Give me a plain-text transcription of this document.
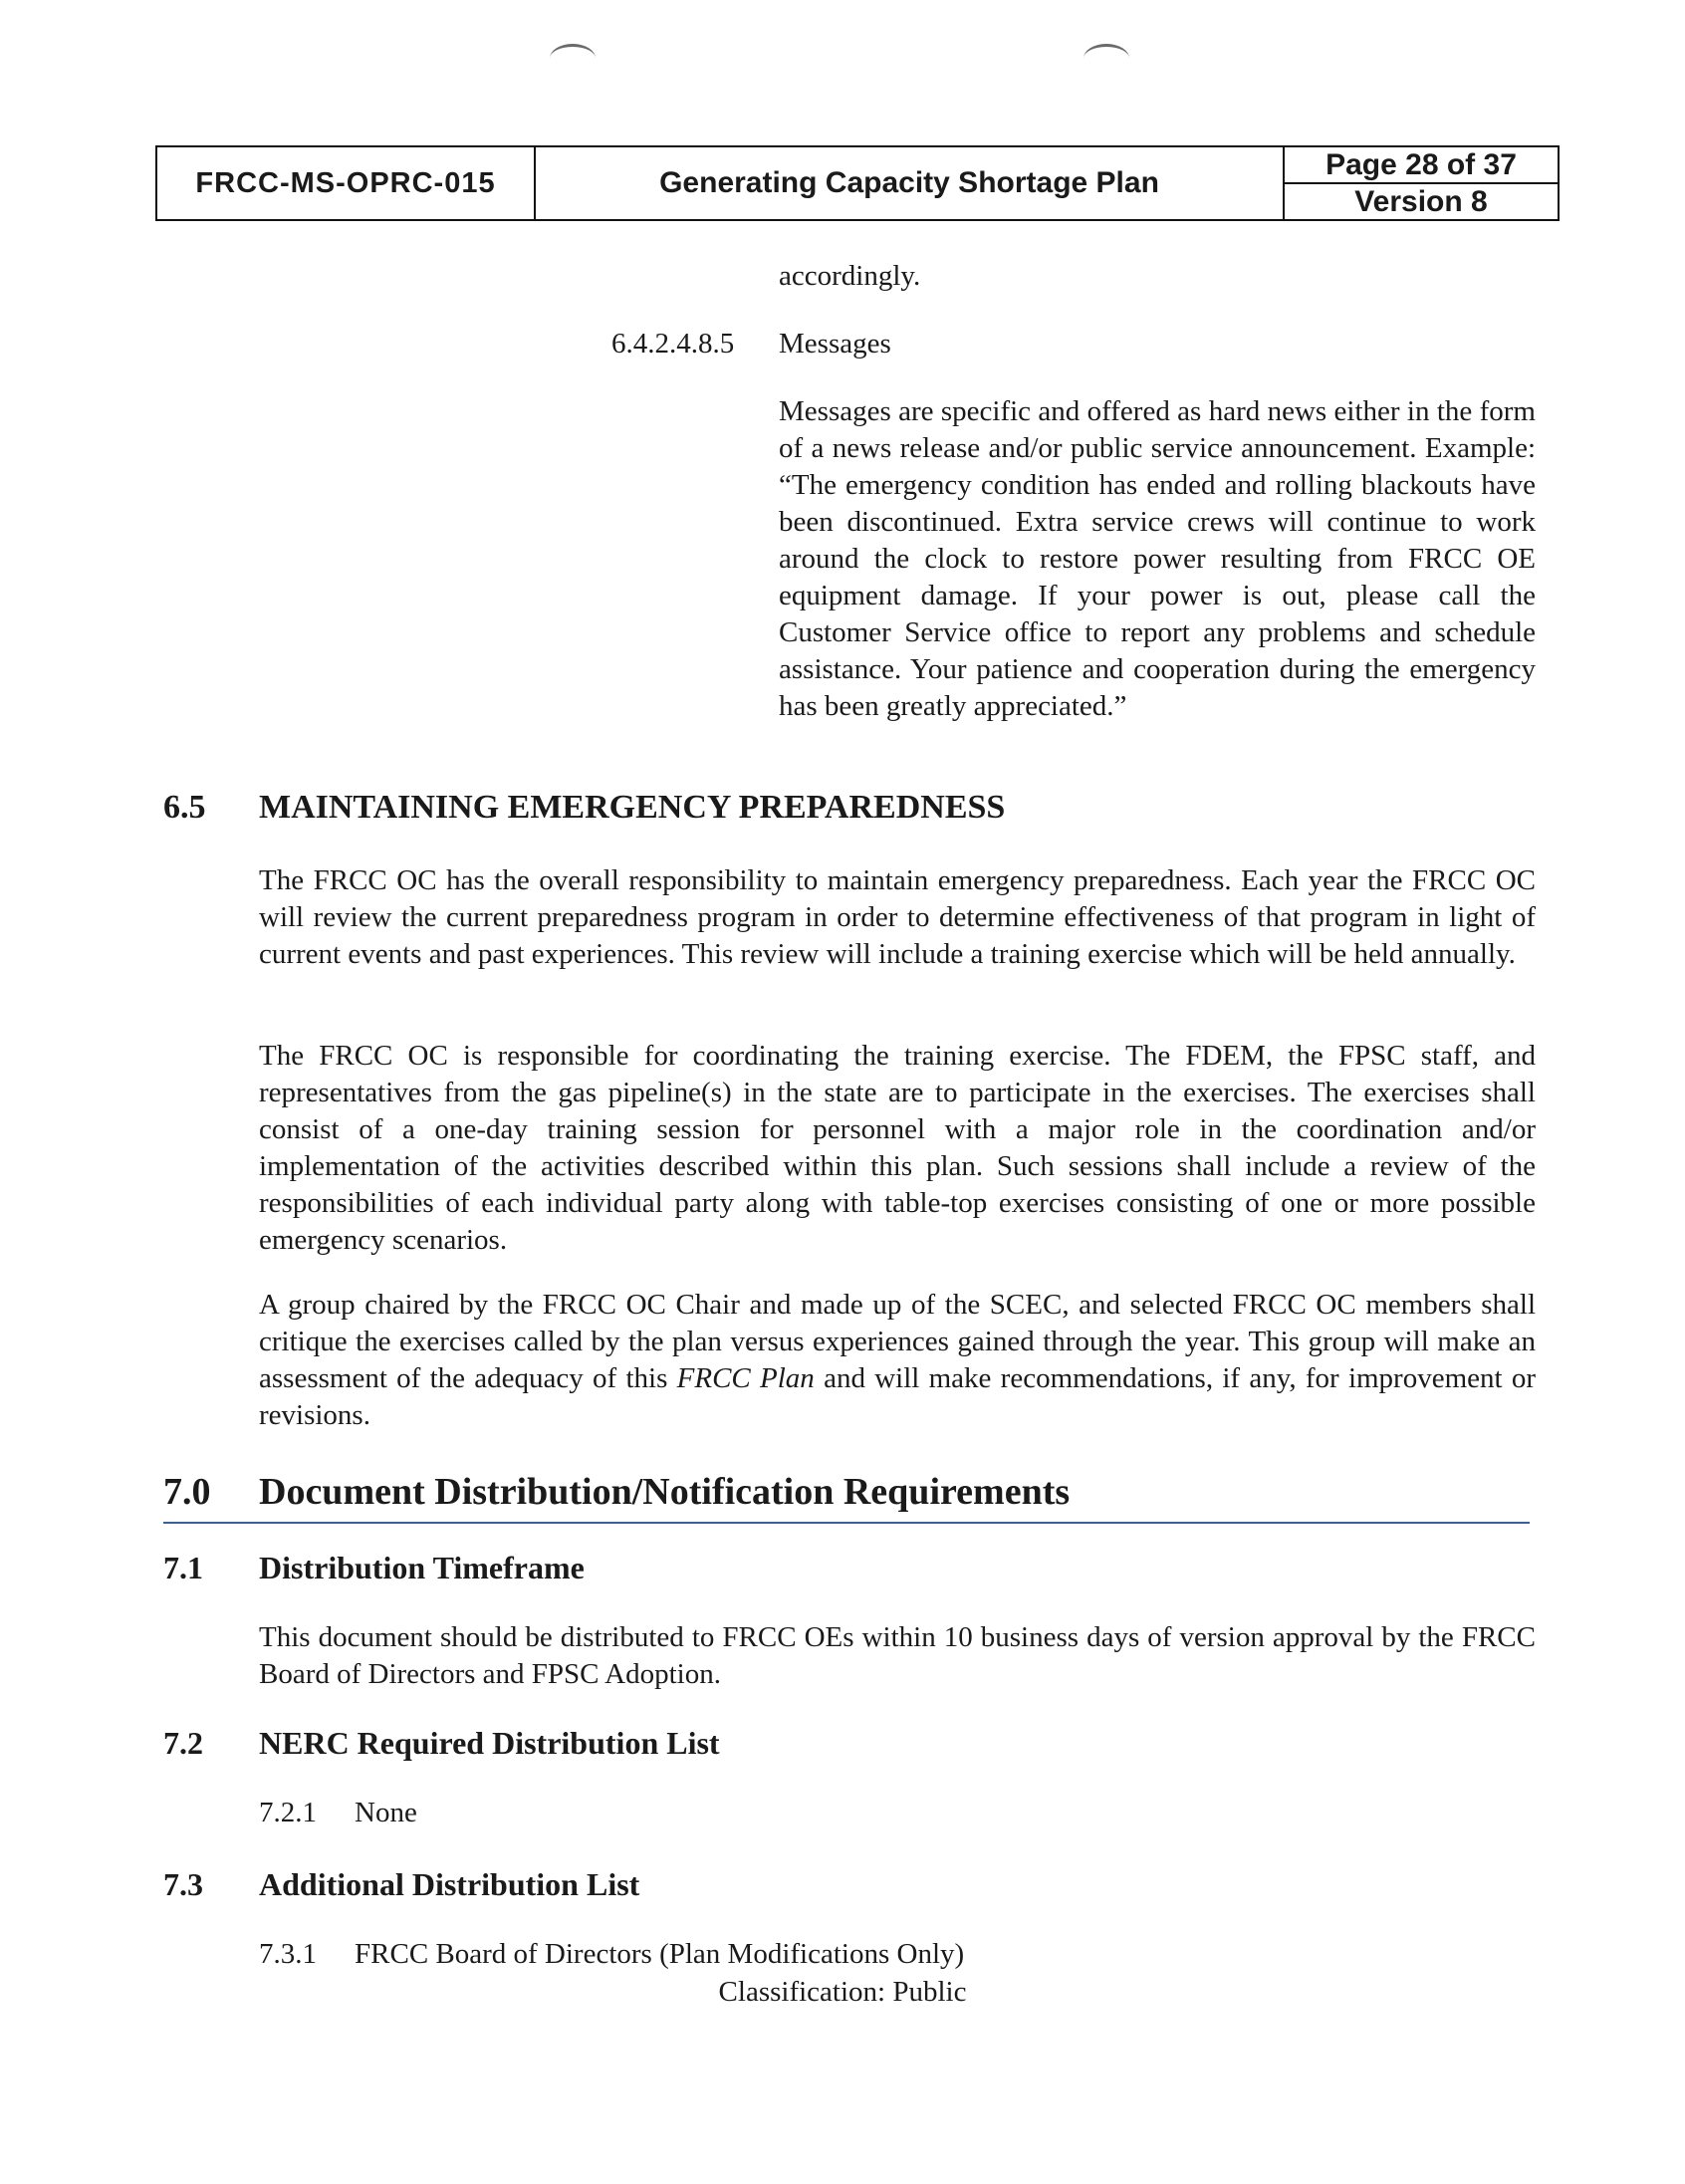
FRCC-MS-OPRC-015	Generating Capacity Shortage Plan
Page 28 of 37
Version 8
accordingly.
6.4.2.4.8.5 Messages
Messages are specific and offered as hard news either in the form of a news release and/or public service announcement. Example: “The emergency condition has ended and rolling blackouts have been discontinued. Extra service crews will continue to work around the clock to restore power resulting from FRCC OE equipment damage. If your power is out, please call the Customer Service office to report any problems and schedule assistance. Your patience and cooperation during the emergency has been greatly appreciated.”
6.5 MAINTAINING EMERGENCY PREPAREDNESS
The FRCC OC has the overall responsibility to maintain emergency preparedness. Each year the FRCC OC will review the current preparedness program in order to determine effectiveness of that program in light of current events and past experiences. This review will include a training exercise which will be held annually.
The FRCC OC is responsible for coordinating the training exercise. The FDEM, the FPSC staff, and representatives from the gas pipeline(s) in the state are to participate in the exercises. The exercises shall consist of a one-day training session for personnel with a major role in the coordination and/or implementation of the activities described within this plan. Such sessions shall include a review of the responsibilities of each individual party along with table-top exercises consisting of one or more possible emergency scenarios.
A group chaired by the FRCC OC Chair and made up of the SCEC, and selected FRCC OC members shall critique the exercises called by the plan versus experiences gained through the year. This group will make an assessment of the adequacy of this FRCC Plan and will make recommendations, if any, for improvement or revisions.
7.0 Document Distribution/Notification Requirements
7.1 Distribution Timeframe
This document should be distributed to FRCC OEs within 10 business days of version approval by the FRCC Board of Directors and FPSC Adoption.
7.2 NERC Required Distribution List
7.2.1 None
7.3 Additional Distribution List
7.3.1 FRCC Board of Directors (Plan Modifications Only)
Classification: Public
